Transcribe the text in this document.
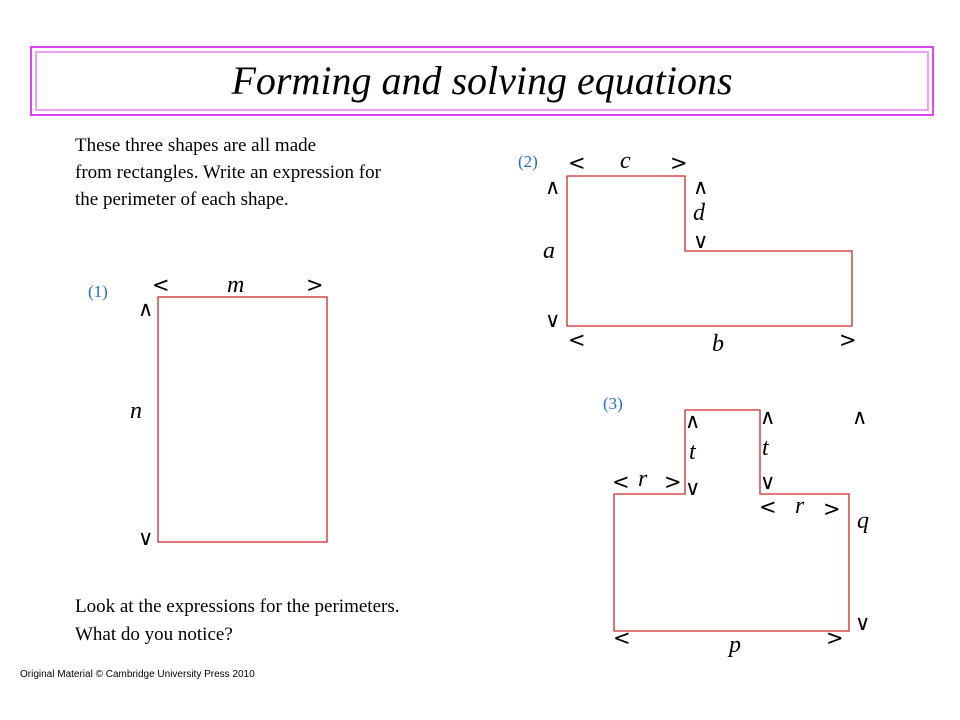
Forming and solving equations
These three shapes are all made
from rectangles. Write an expression for
the perimeter of each shape.
(1) < m	>
∧
n
∨
(2) < c >
∧
a
∨
∧
d
∨
<	b	>
(3)
< r >
∧
t
∨
∧
t
∨
< r >
∧
q
∨
<	p	>
Look at the expressions for the perimeters.
What do you notice?
Original Material © Cambridge University Press 2010
